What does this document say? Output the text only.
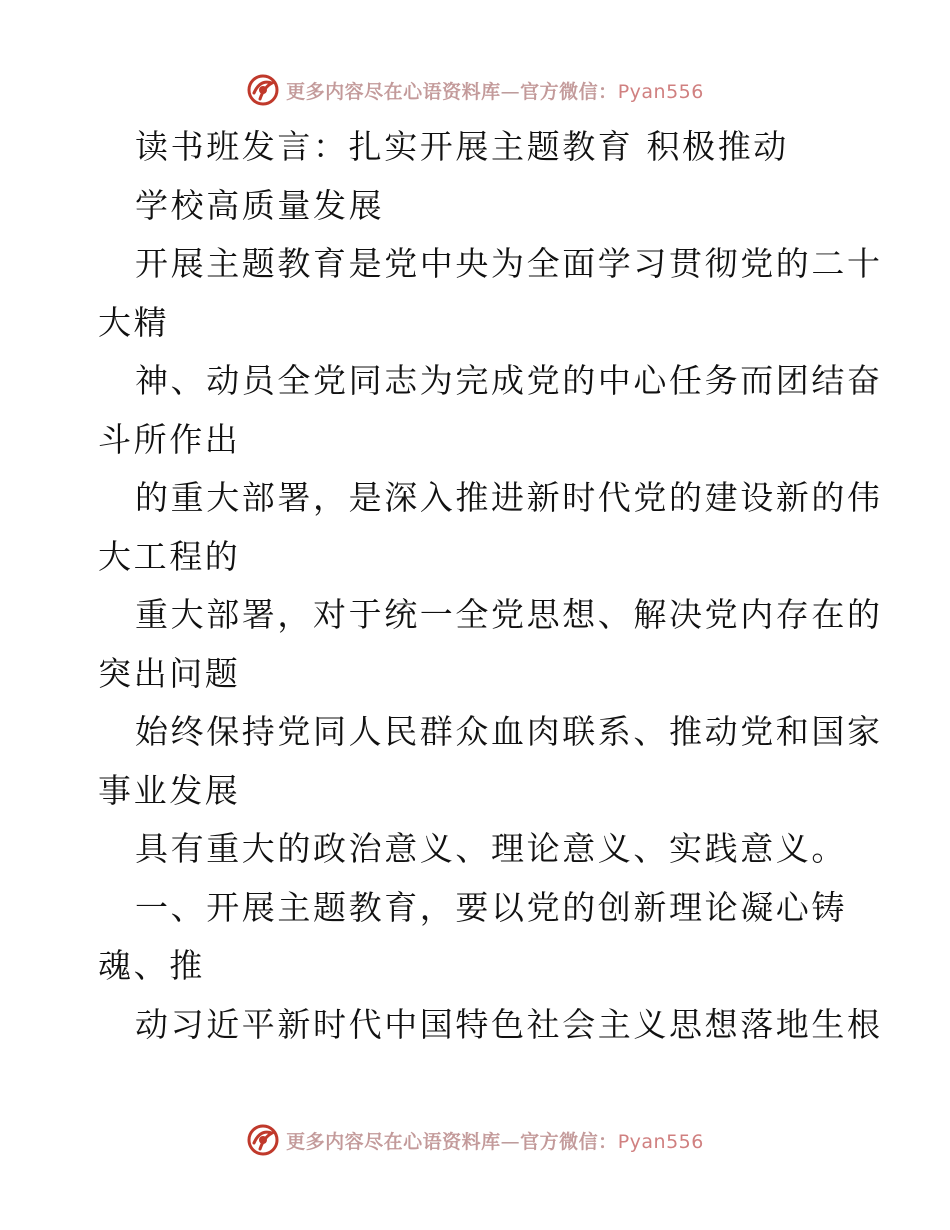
更多内容尽在心语资料库—官方微信：Pyan556
读书班发言：扎实开展主题教育 积极推动
学校高质量发展
开展主题教育是党中央为全面学习贯彻党的二十
大精
神、动员全党同志为完成党的中心任务而团结奋
斗所作出
的重大部署，是深入推进新时代党的建设新的伟
大工程的
重大部署，对于统一全党思想、解决党内存在的
突出问题
始终保持党同人民群众血肉联系、推动党和国家
事业发展
具有重大的政治意义、理论意义、实践意义。
一、开展主题教育，要以党的创新理论凝心铸
魂、推
动习近平新时代中国特色社会主义思想落地生根
更多内容尽在心语资料库—官方微信：Pyan556
